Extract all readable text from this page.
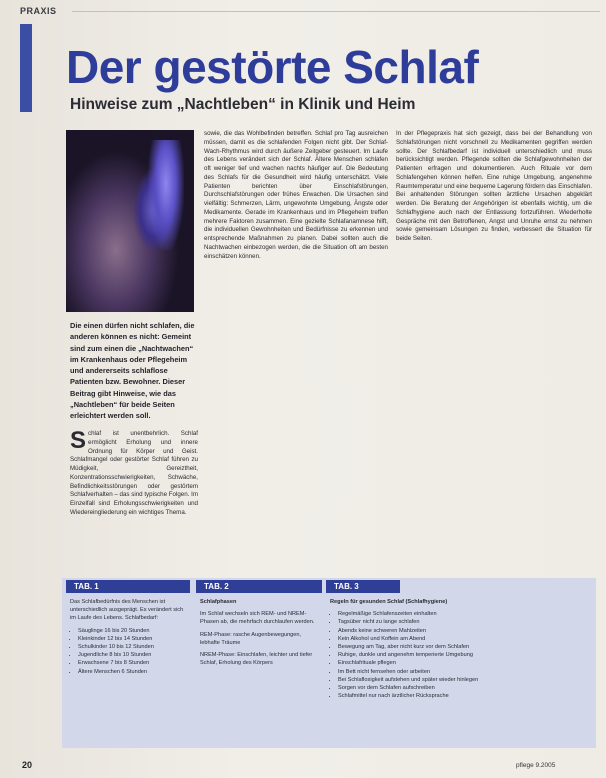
PRAXIS
Der gestörte Schlaf
Hinweise zum „Nachtleben“ in Klinik und Heim
Die einen dürfen nicht schlafen, die anderen können es nicht: Gemeint sind zum einen die „Nachtwachen“ im Krankenhaus oder Pflegeheim und andererseits schlaflose Patienten bzw. Bewohner. Dieser Beitrag gibt Hinweise, wie das „Nachtleben“ für beide Seiten erleichtert werden soll.
S chlaf ist unentbehrlich. Schlaf ermöglicht Erholung und innere Ordnung für Körper und Geist. Schlafmangel oder gestörter Schlaf führen zu Müdigkeit, Gereiztheit, Konzentrationsschwierigkeiten, Schwäche, Befindlichkeitsstörungen oder gestörtem Schlafverhalten – das sind typische Folgen. Im Einzelfall sind Erholungsschwierigkeiten und Wiedereingliederung ein wichtiges Thema.

sowie, die das Wohlbefinden betreffen. Schlaf pro Tag ausreichen müssen, damit es die schlafenden Folgen nicht gibt. Der Schlaf-Wach-Rhythmus wird durch äußere Zeitgeber gesteuert. Im Laufe des Lebens verändert sich der Schlaf. Ältere Menschen schlafen oft weniger tief und wachen nachts häufiger auf. Die Bedeutung des Schlafs für die Gesundheit wird häufig unterschätzt. Viele Patienten berichten über Einschlafstörungen, Durchschlafstörungen oder frühes Erwachen. Die Ursachen sind vielfältig: Schmerzen, Lärm, ungewohnte Umgebung, Ängste oder Medikamente. Gerade im Krankenhaus und im Pflegeheim treffen mehrere Faktoren zusammen. Eine gezielte Schlafanamnese hilft, die individuellen Gewohnheiten und Bedürfnisse zu erkennen und entsprechende Maßnahmen zu planen. Dabei sollten auch die Nachtwachen einbezogen werden, die die Situation oft am besten einschätzen können.

In der Pflegepraxis hat sich gezeigt, dass bei der Behandlung von Schlafstörungen nicht vorschnell zu Medikamenten gegriffen werden sollte. Der Schlafbedarf ist individuell unterschiedlich und muss berücksichtigt werden. Pflegende sollten die Schlafgewohnheiten der Patienten erfragen und dokumentieren. Auch Rituale vor dem Schlafengehen können helfen. Eine ruhige Umgebung, angenehme Raumtemperatur und eine bequeme Lagerung fördern das Einschlafen. Bei anhaltenden Störungen sollten ärztliche Ursachen abgeklärt werden. Die Beratung der Angehörigen ist ebenfalls wichtig, um die Schlafhygiene auch nach der Entlassung fortzuführen. Wiederholte Gespräche mit den Betroffenen, Angst und Unruhe ernst zu nehmen sowie gemeinsam Lösungen zu finden, verbessert die Situation für beide Seiten.

TAB. 1	TAB. 2	TAB. 3

Das Schlafbedürfnis des Menschen ist unterschiedlich ausgeprägt. Es verändert sich im Laufe des Lebens. Schlafbedarf:

• Säuglinge 16 bis 20 Stunden
• Kleinkinder 12 bis 14 Stunden
• Schulkinder 10 bis 12 Stunden
• Jugendliche 8 bis 10 Stunden
• Erwachsene 7 bis 8 Stunden
• Ältere Menschen 6 Stunden

Schlafphasen

Im Schlaf wechseln sich REM- und NREM-Phasen ab, die mehrfach durchlaufen werden.

REM-Phase: rasche Augenbewegungen, lebhafte Träume

NREM-Phase: Einschlafen, leichter und tiefer Schlaf, Erholung des Körpers

Regeln für gesunden Schlaf (Schlafhygiene)

• Regelmäßige Schlafenszeiten einhalten
• Tagsüber nicht zu lange schlafen
• Abends keine schweren Mahlzeiten
• Kein Alkohol und Koffein am Abend
• Bewegung am Tag, aber nicht kurz vor dem Schlafen
• Ruhige, dunkle und angenehm temperierte Umgebung
• Einschlafrituale pflegen
• Im Bett nicht fernsehen oder arbeiten
• Bei Schlaflosigkeit aufstehen und später wieder hinlegen
• Sorgen vor dem Schlafen aufschreiben
• Schlafmittel nur nach ärztlicher Rücksprache
20	pflege 9.2005
